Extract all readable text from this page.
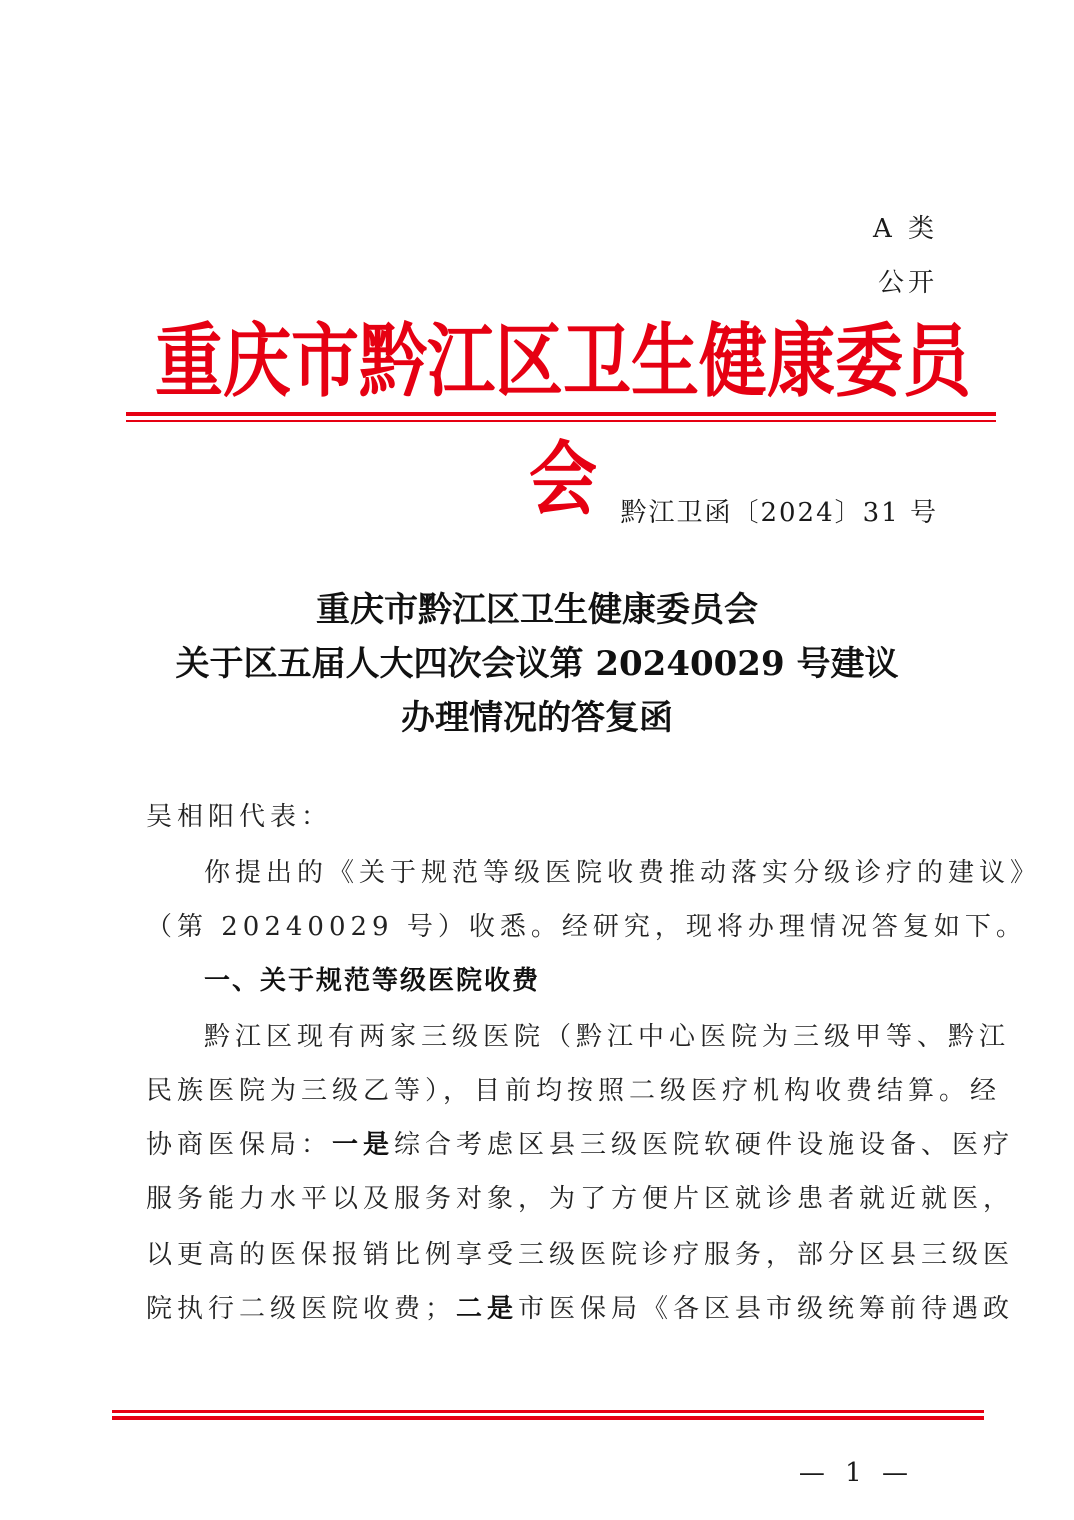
A 类
公开
重庆市黔江区卫生健康委员会 黔江卫函〔2024〕31 号
重庆市黔江区卫生健康委员会
关于区五届人大四次会议第 20240029 号建议
办理情况的答复函
吴相阳代表：
你提出的《关于规范等级医院收费推动落实分级诊疗的建议》
（第 20240029 号）收悉。经研究，现将办理情况答复如下。
一、关于规范等级医院收费
黔江区现有两家三级医院（黔江中心医院为三级甲等、黔江
民族医院为三级乙等），目前均按照二级医疗机构收费结算。经
协商医保局：一是综合考虑区县三级医院软硬件设施设备、医疗
服务能力水平以及服务对象，为了方便片区就诊患者就近就医，
以更高的医保报销比例享受三级医院诊疗服务，部分区县三级医
院执行二级医院收费；二是市医保局《各区县市级统筹前待遇政
— 1 —
